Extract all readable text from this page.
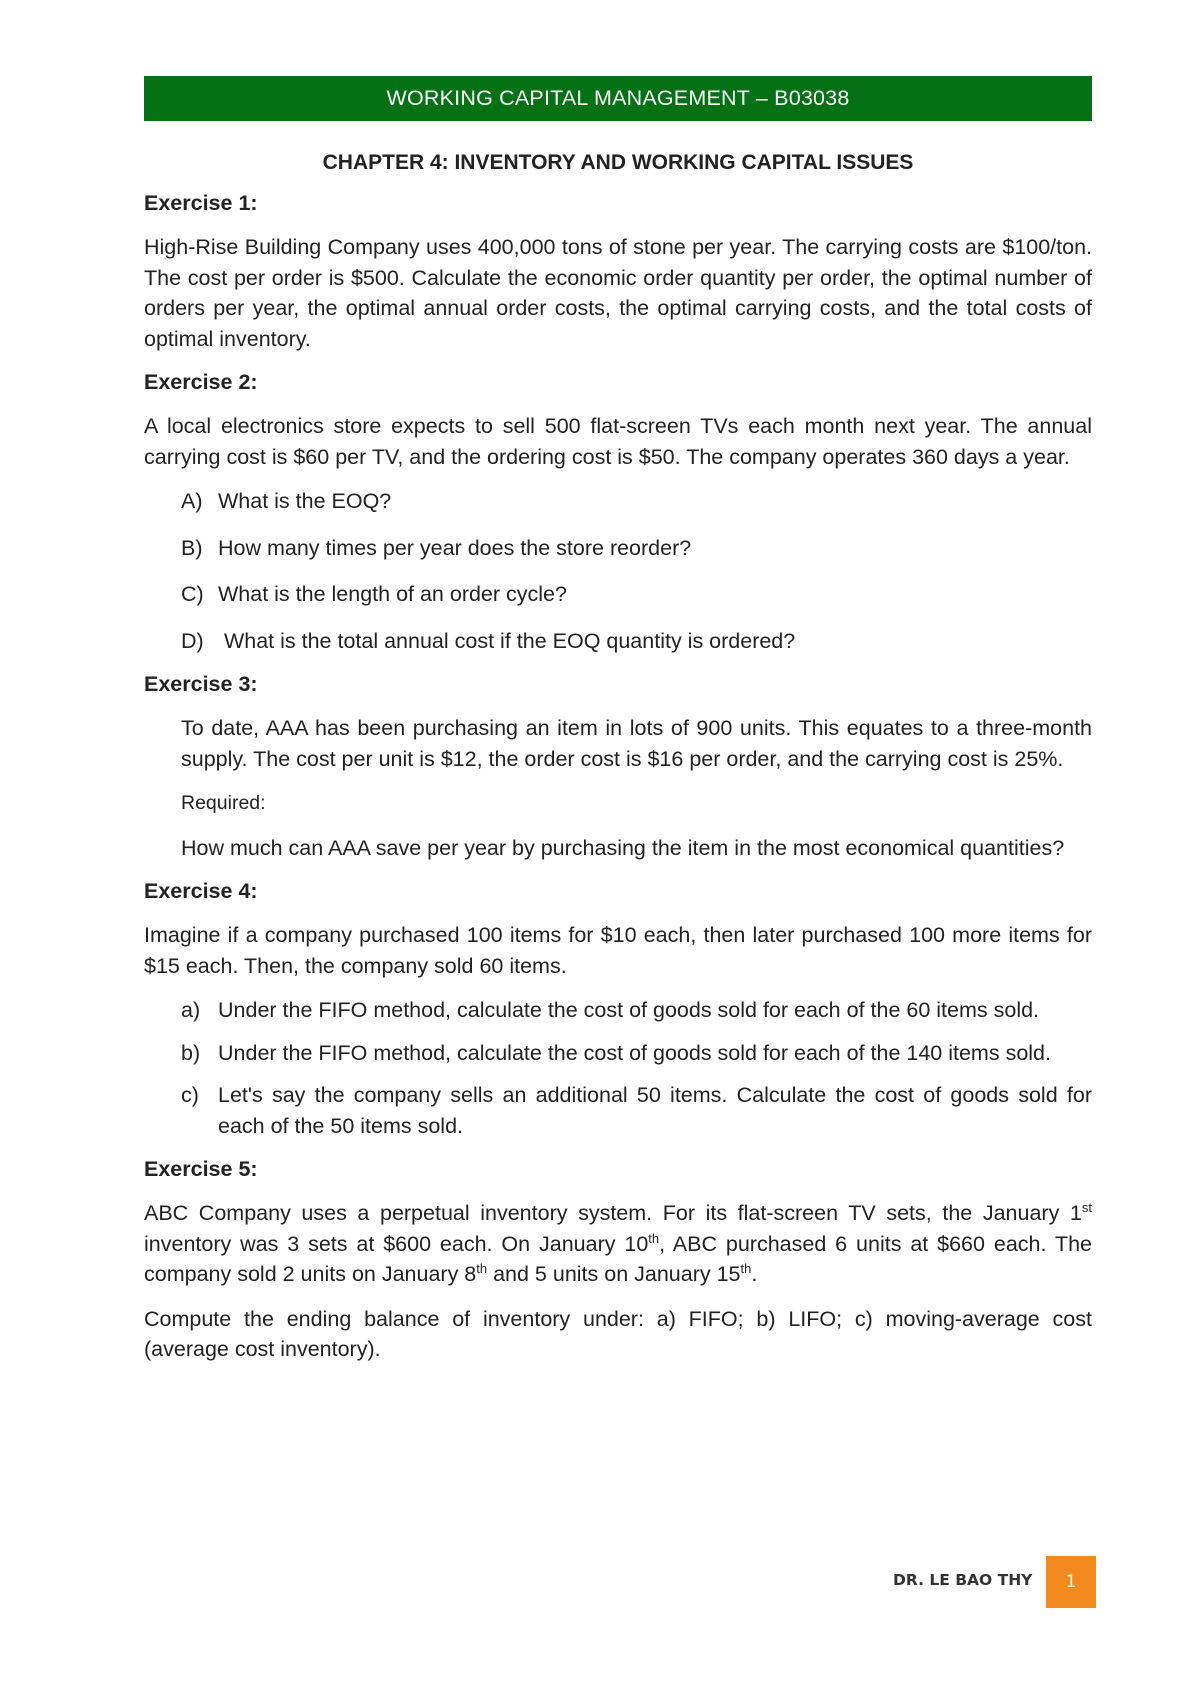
WORKING CAPITAL MANAGEMENT – B03038
CHAPTER 4: INVENTORY AND WORKING CAPITAL ISSUES
Exercise 1:
High-Rise Building Company uses 400,000 tons of stone per year. The carrying costs are $100/ton. The cost per order is $500. Calculate the economic order quantity per order, the optimal number of orders per year, the optimal annual order costs, the optimal carrying costs, and the total costs of optimal inventory.
Exercise 2:
A local electronics store expects to sell 500 flat-screen TVs each month next year. The annual carrying cost is $60 per TV, and the ordering cost is $50. The company operates 360 days a year.
A) What is the EOQ?
B) How many times per year does the store reorder?
C) What is the length of an order cycle?
D) What is the total annual cost if the EOQ quantity is ordered?
Exercise 3:
To date, AAA has been purchasing an item in lots of 900 units. This equates to a three-month supply. The cost per unit is $12, the order cost is $16 per order, and the carrying cost is 25%.
Required:
How much can AAA save per year by purchasing the item in the most economical quantities?
Exercise 4:
Imagine if a company purchased 100 items for $10 each, then later purchased 100 more items for $15 each. Then, the company sold 60 items.
a) Under the FIFO method, calculate the cost of goods sold for each of the 60 items sold.
b) Under the FIFO method, calculate the cost of goods sold for each of the 140 items sold.
c) Let's say the company sells an additional 50 items. Calculate the cost of goods sold for each of the 50 items sold.
Exercise 5:
ABC Company uses a perpetual inventory system. For its flat-screen TV sets, the January 1st inventory was 3 sets at $600 each. On January 10th, ABC purchased 6 units at $660 each. The company sold 2 units on January 8th and 5 units on January 15th.
Compute the ending balance of inventory under: a) FIFO; b) LIFO; c) moving-average cost (average cost inventory).
DR. LE BAO THY	1
